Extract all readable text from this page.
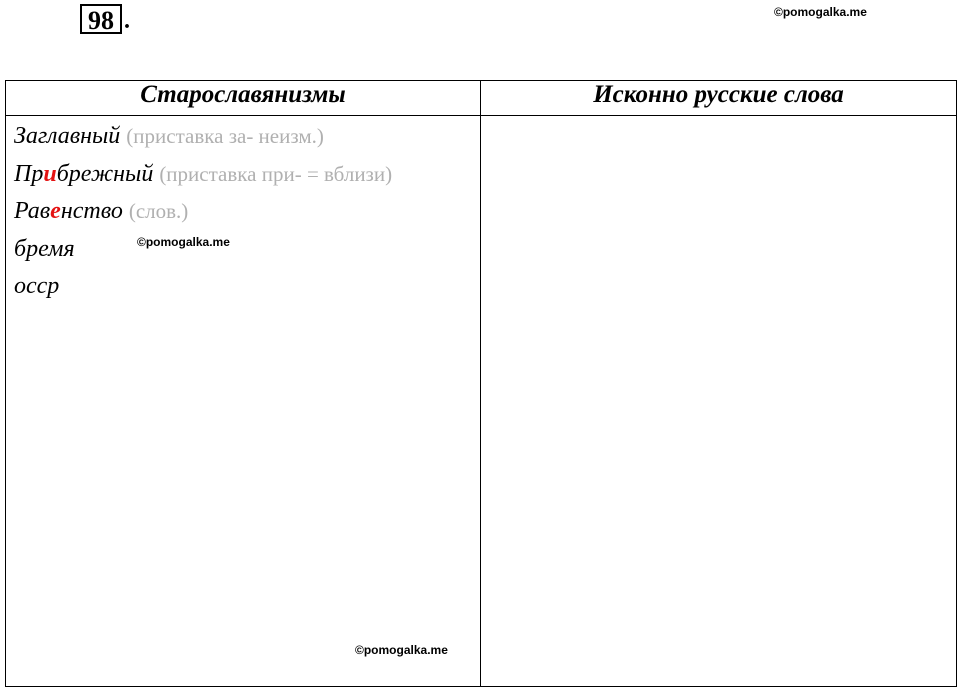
98 .	©pomogalka.me
©pomogalka.me
©pomogalka.me
Старославянизмы	Исконно русские слова

Заглавный (приставка за- неизм.)
Прибрежный (приставка при- = вблизи)
Равенство (слов.)
бремя
осср	
